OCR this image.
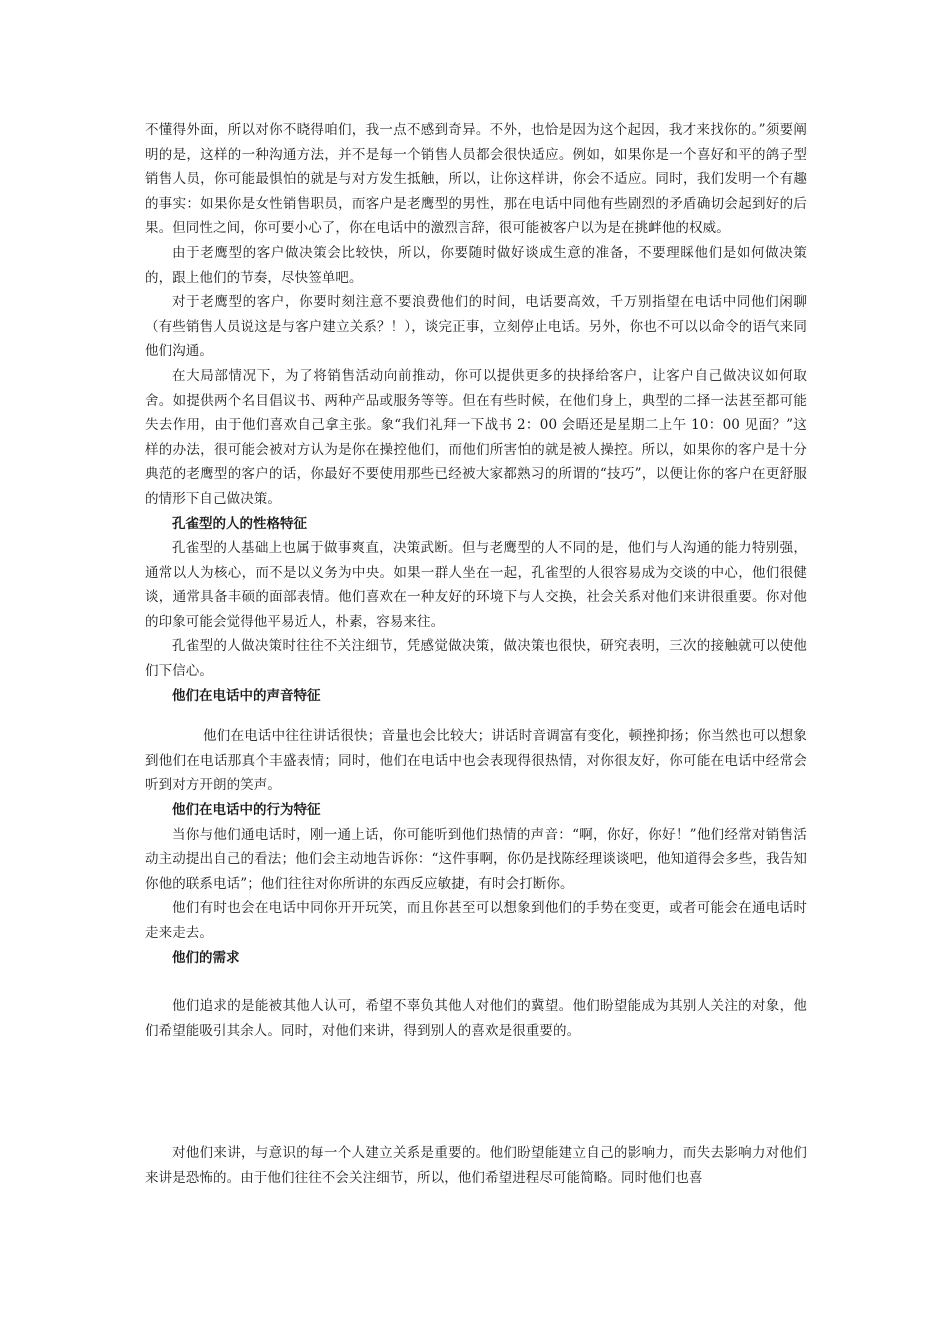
不懂得外面，所以对你不晓得咱们，我一点不感到奇异。不外，也恰是因为这个起因，我才来找你的。”须要阐明的是，这样的一种沟通方法，并不是每一个销售人员都会很快适应。例如，如果你是一个喜好和平的鸽子型销售人员，你可能最惧怕的就是与对方发生抵触，所以，让你这样讲，你会不适应。同时，我们发明一个有趣的事实：如果你是女性销售职员，而客户是老鹰型的男性，那在电话中同他有些剧烈的矛盾确切会起到好的后果。但同性之间，你可要小心了，你在电话中的激烈言辞，很可能被客户以为是在挑衅他的权威。

由于老鹰型的客户做决策会比较快，所以，你要随时做好谈成生意的准备，不要理睬他们是如何做决策的，跟上他们的节奏，尽快签单吧。

对于老鹰型的客户，你要时刻注意不要浪费他们的时间，电话要高效，千万别指望在电话中同他们闲聊（有些销售人员说这是与客户建立关系？！），谈完正事，立刻停止电话。另外，你也不可以以命令的语气来同他们沟通。

在大局部情况下，为了将销售活动向前推动，你可以提供更多的抉择给客户，让客户自己做决议如何取舍。如提供两个名目倡议书、两种产品或服务等等。但在有些时候，在他们身上，典型的二择一法甚至都可能失去作用，由于他们喜欢自己拿主张。象“我们礼拜一下战书 2：00 会晤还是星期二上午 10：00 见面？”这样的办法，很可能会被对方认为是你在操控他们，而他们所害怕的就是被人操控。所以，如果你的客户是十分典范的老鹰型的客户的话，你最好不要使用那些已经被大家都熟习的所谓的“技巧”，以便让你的客户在更舒服的情形下自己做决策。

孔雀型的人的性格特征

孔雀型的人基础上也属于做事爽直，决策武断。但与老鹰型的人不同的是，他们与人沟通的能力特别强，通常以人为核心，而不是以义务为中央。如果一群人坐在一起，孔雀型的人很容易成为交谈的中心，他们很健谈，通常具备丰硕的面部表情。他们喜欢在一种友好的环境下与人交换，社会关系对他们来讲很重要。你对他的印象可能会觉得他平易近人，朴素，容易来往。

孔雀型的人做决策时往往不关注细节，凭感觉做决策，做决策也很快，研究表明，三次的接触就可以使他们下信心。

他们在电话中的声音特征

他们在电话中往往讲话很快；音量也会比较大；讲话时音调富有变化，顿挫抑扬；你当然也可以想象到他们在电话那真个丰盛表情；同时，他们在电话中也会表现得很热情，对你很友好，你可能在电话中经常会听到对方开朗的笑声。

他们在电话中的行为特征

当你与他们通电话时，刚一通上话，你可能听到他们热情的声音：“啊，你好，你好！”他们经常对销售活动主动提出自己的看法；他们会主动地告诉你：“这件事啊，你仍是找陈经理谈谈吧，他知道得会多些，我告知你他的联系电话”；他们往往对你所讲的东西反应敏捷，有时会打断你。

他们有时也会在电话中同你开开玩笑，而且你甚至可以想象到他们的手势在变更，或者可能会在通电话时走来走去。

他们的需求

他们追求的是能被其他人认可，希望不辜负其他人对他们的冀望。他们盼望能成为其别人关注的对象，他们希望能吸引其余人。同时，对他们来讲，得到别人的喜欢是很重要的。

对他们来讲，与意识的每一个人建立关系是重要的。他们盼望能建立自己的影响力，而失去影响力对他们来讲是恐怖的。由于他们往往不会关注细节，所以，他们希望进程尽可能简略。同时他们也喜
